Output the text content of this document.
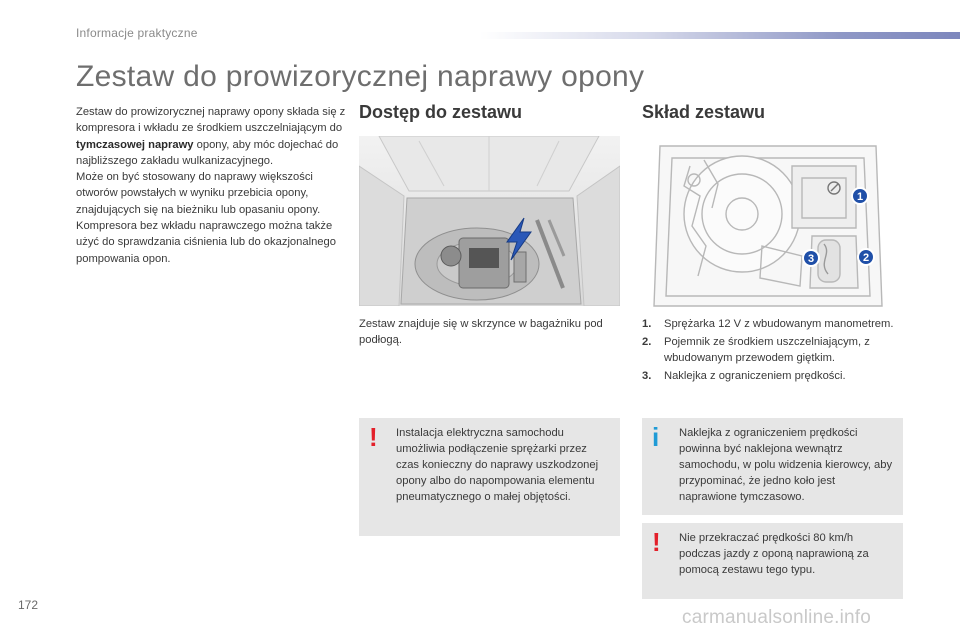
Informacje praktyczne
Zestaw do prowizorycznej naprawy opony

Zestaw do prowizorycznej naprawy opony składa się z kompresora i wkładu ze środkiem uszczelniającym do tymczasowej naprawy opony, aby móc dojechać do najbliższego zakładu wulkanizacyjnego.

Może on być stosowany do naprawy większości otworów powstałych w wyniku przebicia opony, znajdujących się na bieżniku lub opasaniu opony.

Kompresora bez wkładu naprawczego można także użyć do sprawdzania ciśnienia lub do okazjonalnego pompowania opon.

Dostęp do zestawu	Skład zestawu
1
2
3

Zestaw znajduje się w skrzynce w bagażniku pod podłogą.

1. Sprężarka 12 V z wbudowanym manometrem.
2. Pojemnik ze środkiem uszczelniającym, z wbudowanym przewodem giętkim.
3. Naklejka z ograniczeniem prędkości.
! Instalacja elektryczna samochodu umożliwia podłączenie sprężarki przez czas konieczny do naprawy uszkodzonej opony albo do napompowania elementu pneumatycznego o małej objętości.
i Naklejka z ograniczeniem prędkości powinna być naklejona wewnątrz samochodu, w polu widzenia kierowcy, aby przypominać, że jedno koło jest naprawione tymczasowo.
! Nie przekraczać prędkości 80 km/h podczas jazdy z oponą naprawioną za pomocą zestawu tego typu.
172
carmanualsonline.info
